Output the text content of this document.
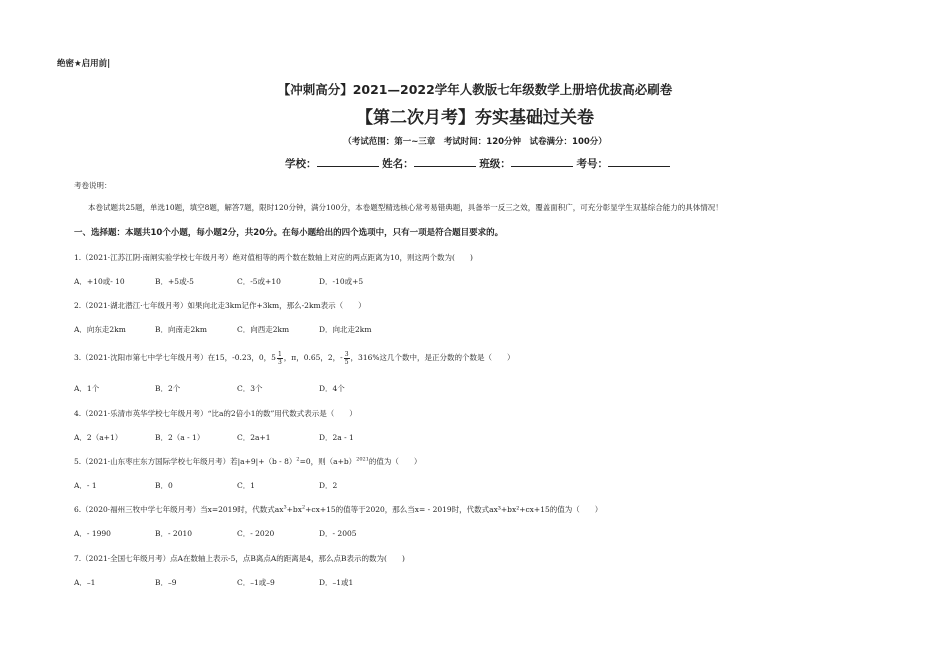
绝密★启用前|
【冲刺高分】2021—2022学年人教版七年级数学上册培优拔高必刷卷
【第二次月考】夯实基础过关卷
（考试范围：第一~三章　考试时间：120分钟　试卷满分：100分）
学校：	姓名：	班级：	考号：
考卷说明：
本卷试题共25题，单选10题，填空8题，解答7题，限时120分钟，满分100分，本卷题型精选核心常考易错典题，具备举一反三之效，覆盖面积广，可充分彰显学生双基综合能力的具体情况！
一、选择题：本题共10个小题，每小题2分，共20分。在每小题给出的四个选项中，只有一项是符合题目要求的。
1.（2021·江苏江阴·南闸实验学校七年级月考）绝对值相等的两个数在数轴上对应的两点距离为10，则这两个数为(　　)
A．+10或- 10	B．+5或-5	C．-5或+10	D．-10或+5
2.（2021·湖北潜江·七年级月考）如果向北走3km记作+3km，那么-2km表示（　　）
A．向东走2km	B．向南走2km	C．向西走2km	D．向北走2km
3.（2021·沈阳市第七中学七年级月考）在15，-0.23，0，$5 \frac{1}{3}$ ，π，0.65，2，- $\frac{3}{5}$ ，316%这几个数中，是正分数的个数是（　　）
A．1个	B．2个	C．3个	D．4个
4.（2021·乐清市英华学校七年级月考）“比a的2倍小1的数”用代数式表示是（　　）
A．2（a+1）	B．2（a - 1）	C．2a+1	D．2a - 1
5.（2021·山东枣庄东方国际学校七年级月考）若|a+9|+（b - 8）$^2$=0，则$(a+b)^{2021}$的值为（　　）
A．- 1	B．0	C．1	D．2
6.（2020·福州三牧中学七年级月考）当x=2019时，代数式$ax^3+bx^2+cx+15$的值等于2020，那么当x= - 2019时，代数式ax³+bx²+cx+15的值为（　　）
A．- 1990	B．- 2010	C．- 2020	D．- 2005
7.（2021·全国七年级月考）点A在数轴上表示-5，点B离点A的距离是4，那么点B表示的数为(　　)
A．–1	B．–9	C．–1或–9	D．–1或1
